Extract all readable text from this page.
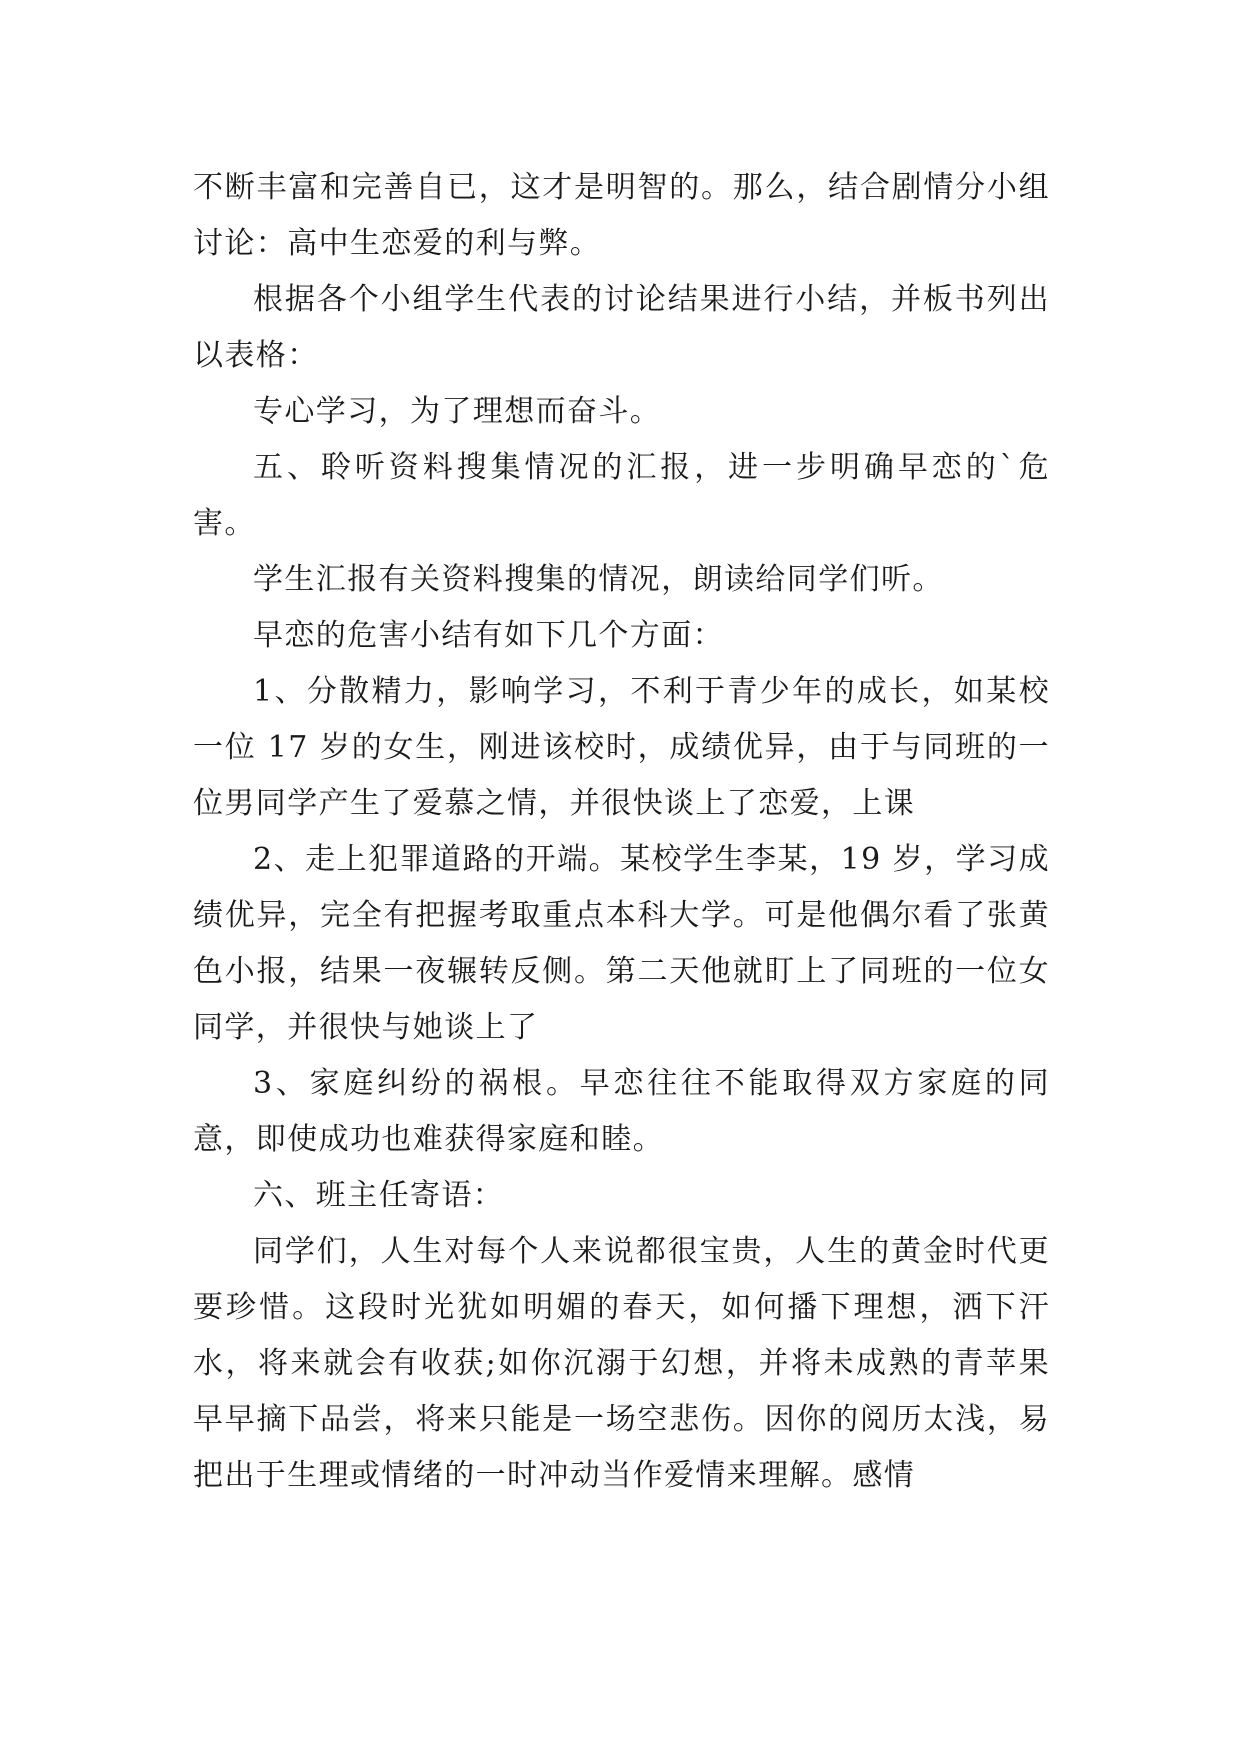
不断丰富和完善自已，这才是明智的。那么，结合剧情分小组讨论：高中生恋爱的利与弊。

根据各个小组学生代表的讨论结果进行小结，并板书列出以表格：

专心学习，为了理想而奋斗。

五、聆听资料搜集情况的汇报，进一步明确早恋的`危害。

学生汇报有关资料搜集的情况，朗读给同学们听。

早恋的危害小结有如下几个方面：

1、分散精力，影响学习，不利于青少年的成长，如某校一位 17 岁的女生，刚进该校时，成绩优异，由于与同班的一位男同学产生了爱慕之情，并很快谈上了恋爱，上课

2、走上犯罪道路的开端。某校学生李某，19 岁，学习成绩优异，完全有把握考取重点本科大学。可是他偶尔看了张黄色小报，结果一夜辗转反侧。第二天他就盯上了同班的一位女同学，并很快与她谈上了

3、家庭纠纷的祸根。早恋往往不能取得双方家庭的同意，即使成功也难获得家庭和睦。

六、班主任寄语：

同学们，人生对每个人来说都很宝贵，人生的黄金时代更要珍惜。这段时光犹如明媚的春天，如何播下理想，洒下汗水，将来就会有收获;如你沉溺于幻想，并将未成熟的青苹果早早摘下品尝，将来只能是一场空悲伤。因你的阅历太浅，易把出于生理或情绪的一时冲动当作爱情来理解。感情
